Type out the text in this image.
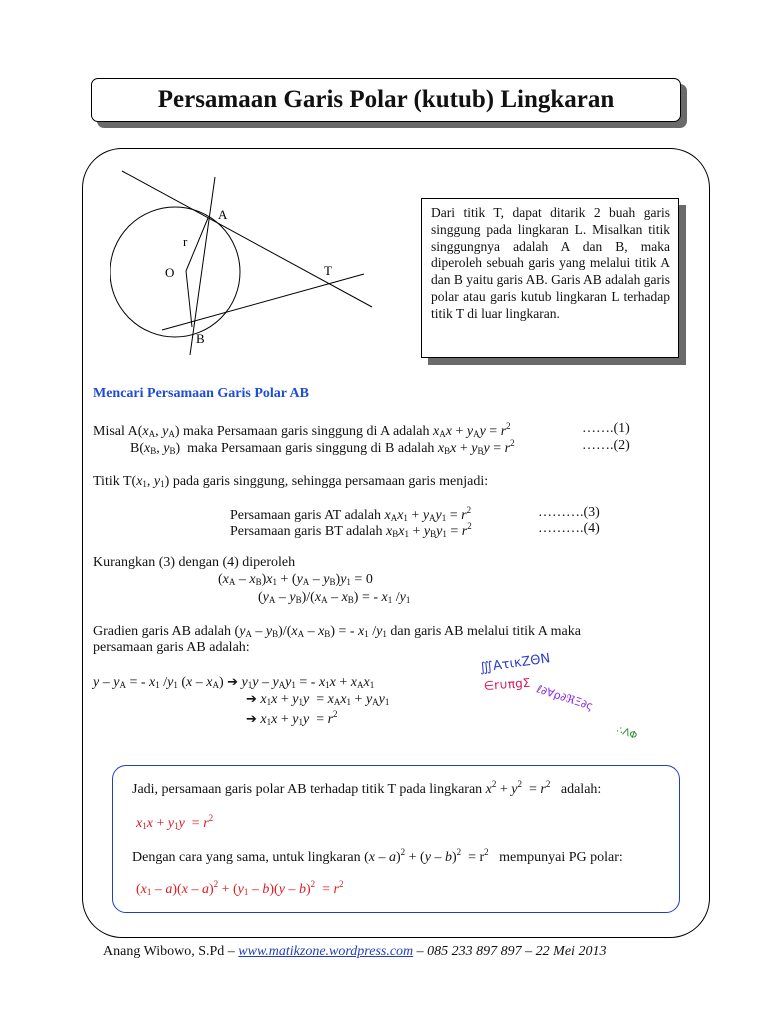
Persamaan Garis Polar (kutub) Lingkaran
A
B
O	T
r
Dari titik T, dapat ditarik 2 buah garis singgung pada lingkaran L. Misalkan titik singgungnya adalah A dan B, maka diperoleh sebuah garis yang melalui titik A dan B yaitu garis AB. Garis AB adalah garis polar atau garis kutub lingkaran L terhadap titik T di luar lingkaran.
Mencari Persamaan Garis Polar AB
Misal $A(x_A$, $y_A$) maka Persamaan garis singgung di A adalah $x_Ax + y_Ay = r^2$	…….(1)
$B(x_B$, $y_B$)  maka Persamaan garis singgung di B adalah $x_Bx + y_By = r^2$	…….(2)
Titik $T(x_1$, $y_1$) pada garis singgung, sehingga persamaan garis menjadi:
Persamaan garis AT adalah $x_Ax_1 + y_Ay_1 = r^2$	……….(3)
Persamaan garis BT adalah $x_Bx_1 + y_By_1 = r^2$	……….(4)
Kurangkan (3) dengan (4) diperoleh
$(x_A - x_B)x_1 + (y_A - y_B)y_1 = 0$
$(y_A - y_B)/(x_A - x_B)$ = - $x_1$ $/y_1$
Gradien garis AB adalah $(y_A - y_B)/(x_A - x_B)$ = - $x_1$ $/y_1$ dan garis AB melalui titik A maka
persamaan garis AB adalah:
y – $y_A$ = - $x_1$ $/y_1$ $(x - x_A)$ ➔ $y_1y - y_Ay_1$ = - $x_1x + x_Ax_1$
➔ $x_1x + y_1y = x_Ax_1 + y_Ay_1$
➔ $x_1x + y_1y = r^2$
∭ΑτικΖΘΝ
∈r∪πgΣ ℓ∂∀ρ∂ℜΞ∂ς
∴ΛΦ
Jadi, persamaan garis polar AB terhadap titik T pada lingkaran $x^2 + y^2 = r^2$ adalah:
$x_1x + y_1y = r^2$
Dengan cara yang sama, untuk lingkaran $(x - a)^2 + (y - b)^2 = r^2$ mempunyai PG polar:
$(x_1 - a)(x - a)^2 + (y_1 - b)(y - b)^2 = r^2$
Anang Wibowo, S.Pd – www.matikzone.wordpress.com – 085 233 897 897 – 22 Mei 2013
